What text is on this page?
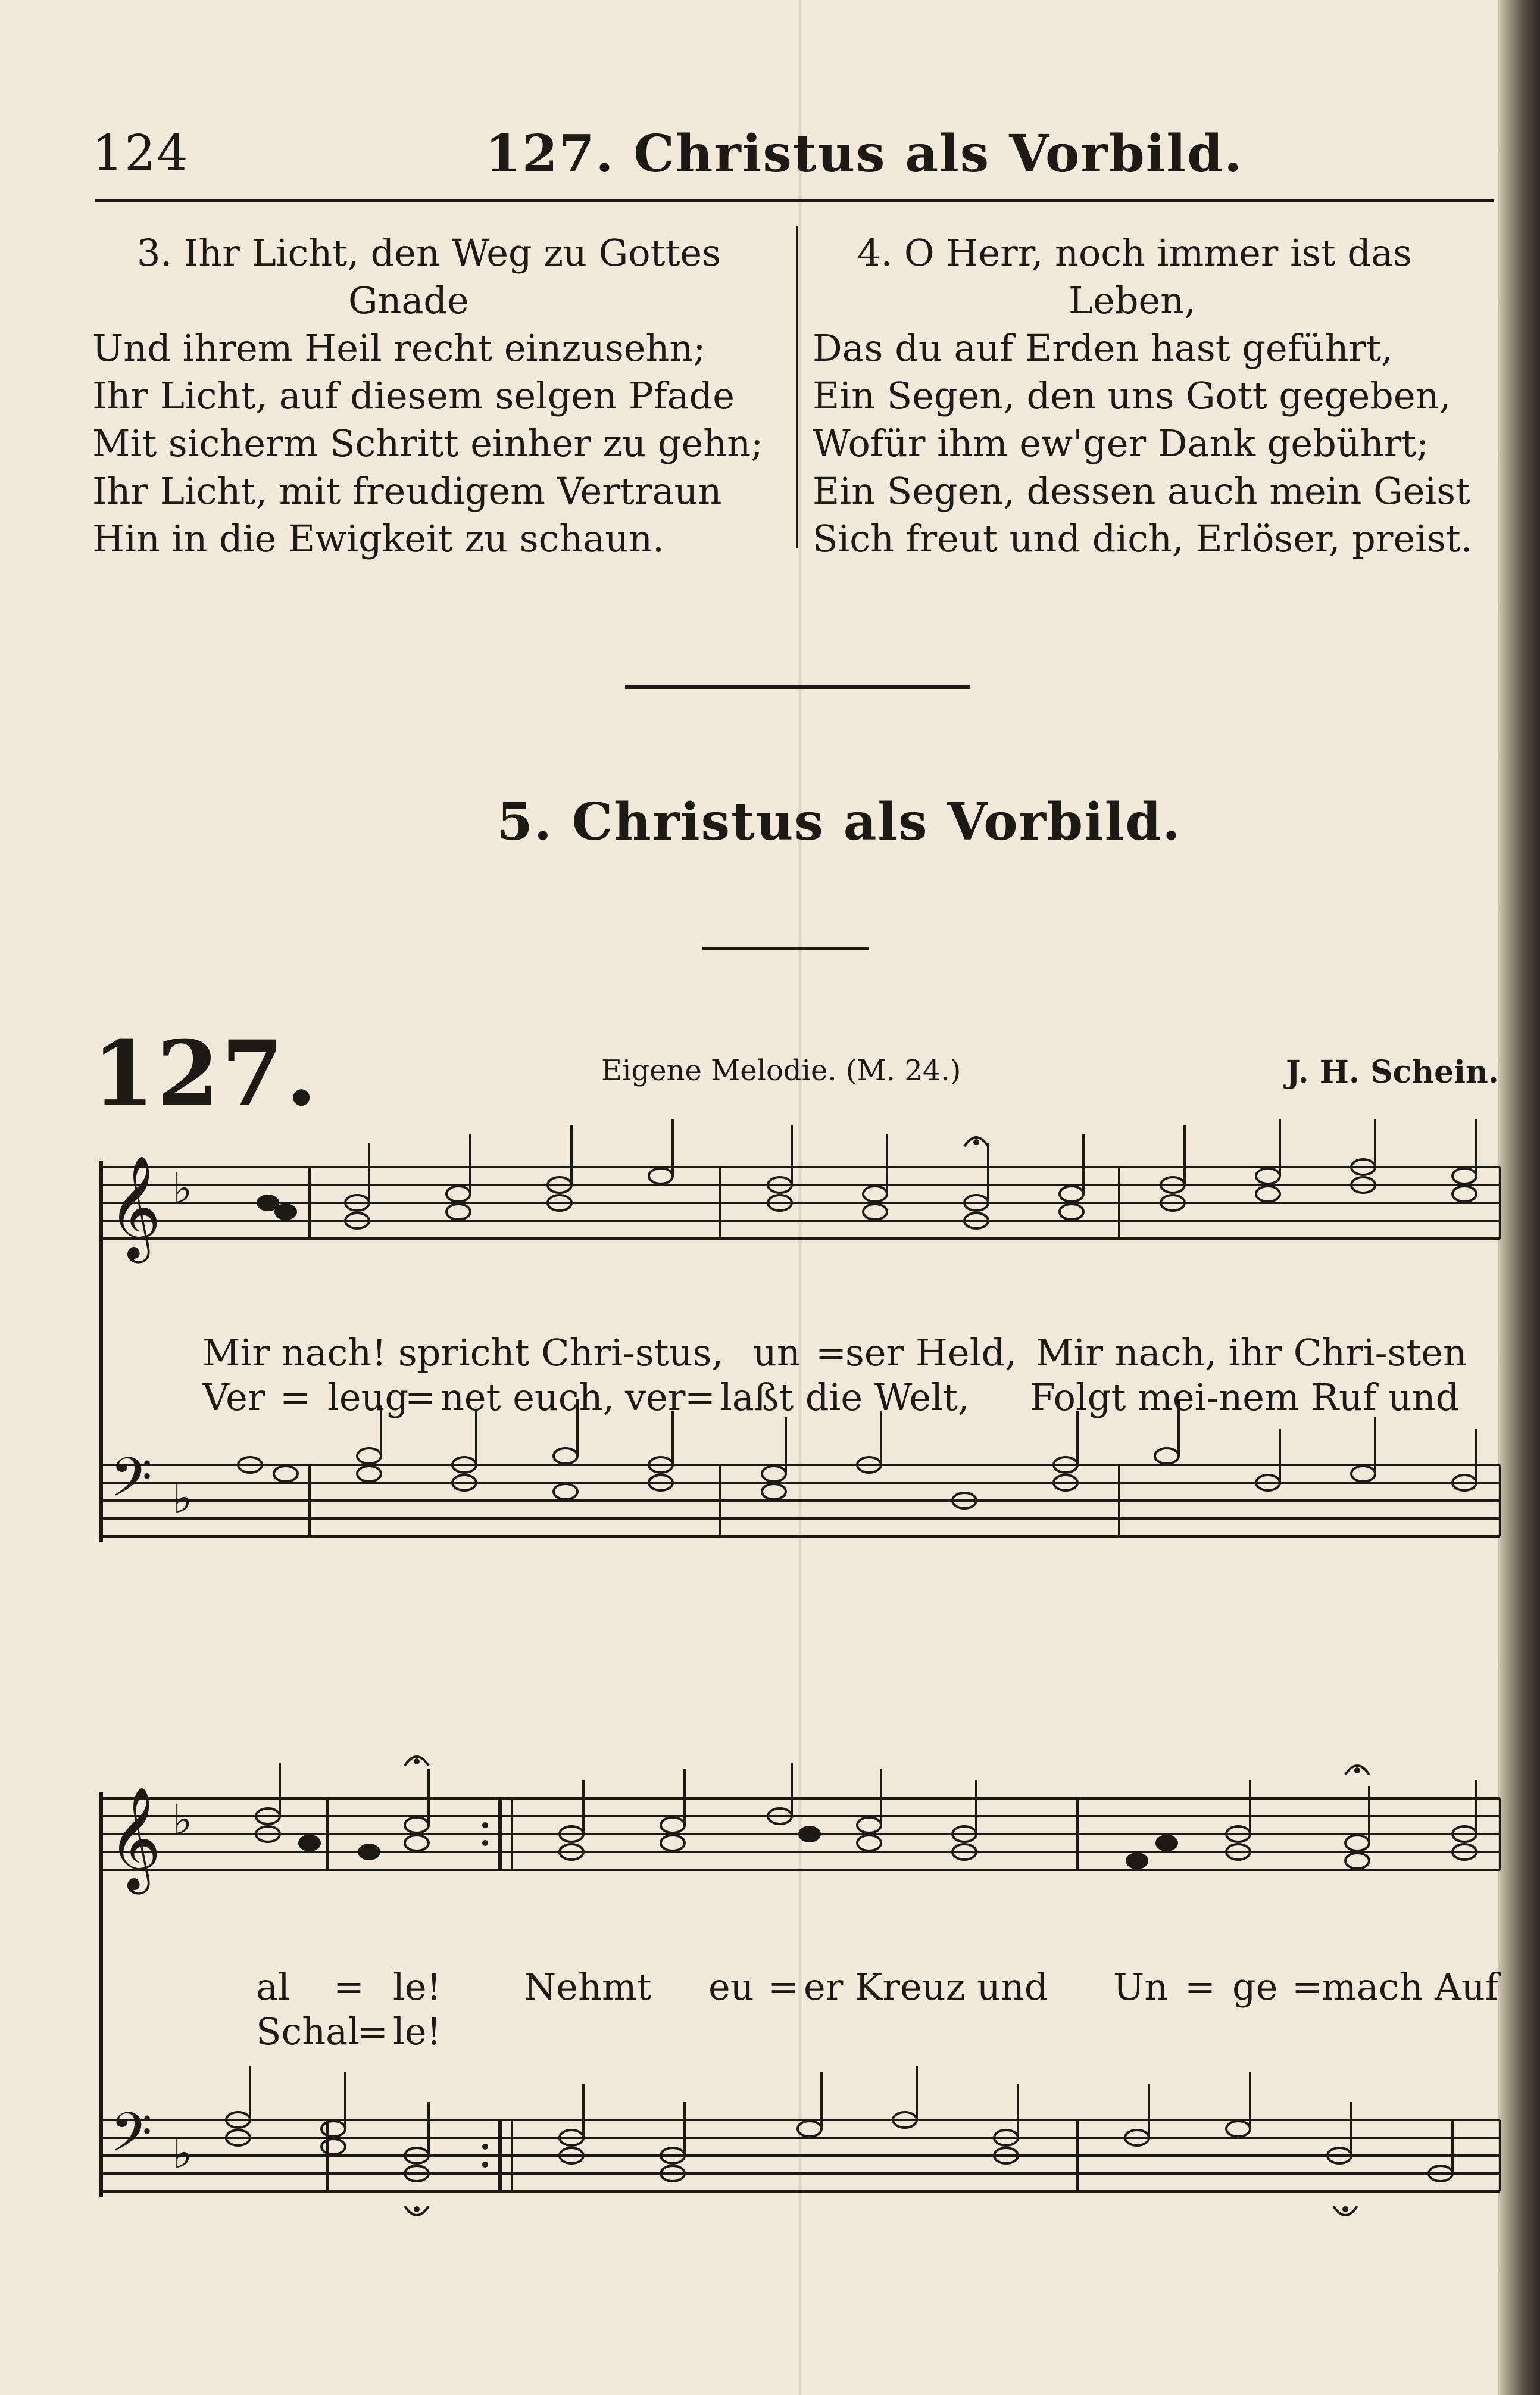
124	127. Christus als Vorbild.
3. Ihr Licht, den Weg zu Gottes
Gnade
Und ihrem Heil recht einzusehn;
Ihr Licht, auf diesem selgen Pfade
Mit sicherm Schritt einher zu gehn;
Ihr Licht, mit freudigem Vertraun
Hin in die Ewigkeit zu schaun.
4. O Herr, noch immer ist das
Leben,
Das du auf Erden hast geführt,
Ein Segen, den uns Gott gegeben,
Wofür ihm ew'ger Dank gebührt;
Ein Segen, dessen auch mein Geist
Sich freut und dich, Erlöser, preist.
5. Christus als Vorbild.
127.	Eigene Melodie. (M. 24.)	J. H. Schein.
𝄞
𝄢
♭
♭
Mir nach! spricht Chri-stus, un =
ser Held, Mir nach, ihr Chri-sten
Ver = leug
= net euch, ver
= laßt die Welt, Folgt mei-nem Ruf und
𝄞
𝄢
♭
♭
al = le! Nehmt eu = er Kreuz und Un = ge =
mach Auf
Schal
= le!
